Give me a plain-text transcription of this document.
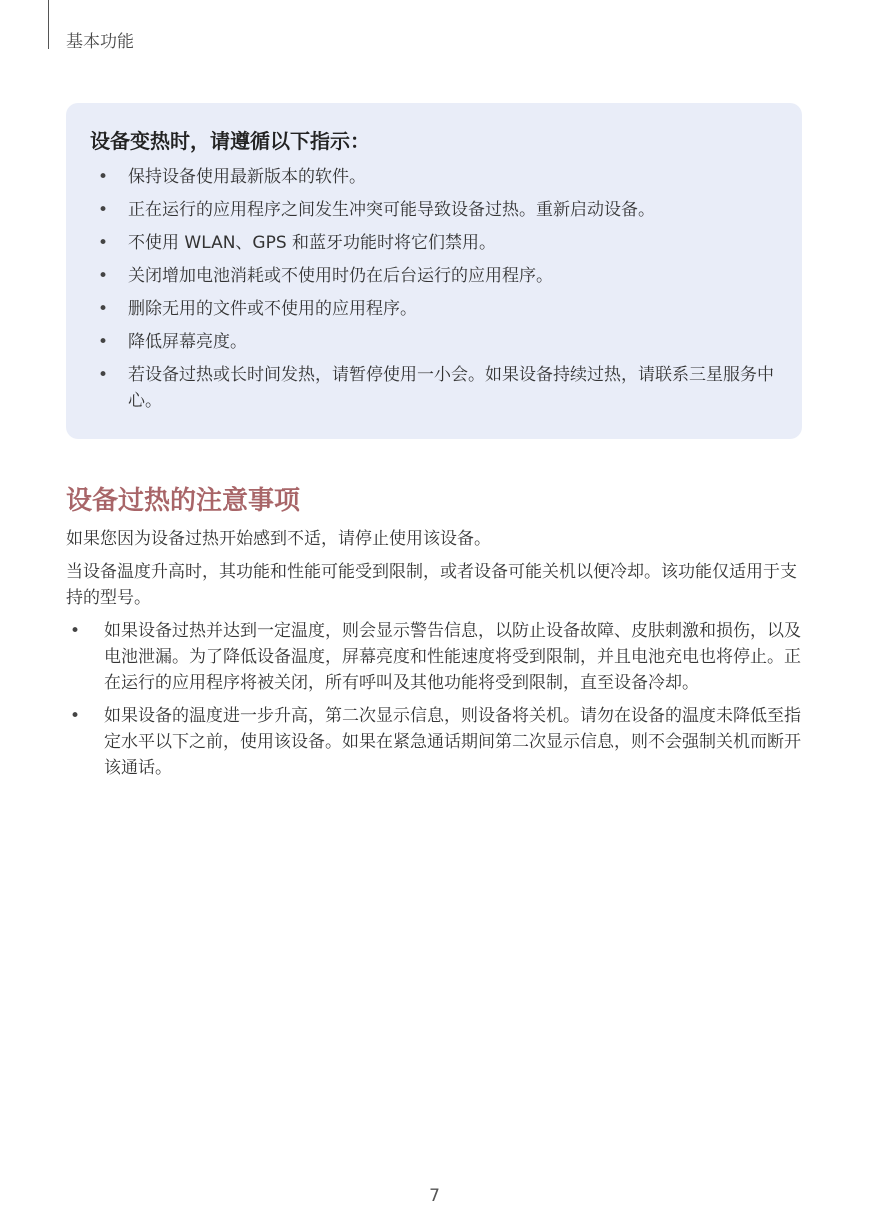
基本功能
设备变热时，请遵循以下指示：
• 保持设备使用最新版本的软件。
• 正在运行的应用程序之间发生冲突可能导致设备过热。重新启动设备。
• 不使用 WLAN、GPS 和蓝牙功能时将它们禁用。
• 关闭增加电池消耗或不使用时仍在后台运行的应用程序。
• 删除无用的文件或不使用的应用程序。
• 降低屏幕亮度。
• 若设备过热或长时间发热，请暂停使用一小会。如果设备持续过热，请联系三星服务中心。
设备过热的注意事项
如果您因为设备过热开始感到不适，请停止使用该设备。
当设备温度升高时，其功能和性能可能受到限制，或者设备可能关机以便冷却。该功能仅适用于支持的型号。
• 如果设备过热并达到一定温度，则会显示警告信息，以防止设备故障、皮肤刺激和损伤，以及电池泄漏。为了降低设备温度，屏幕亮度和性能速度将受到限制，并且电池充电也将停止。正在运行的应用程序将被关闭，所有呼叫及其他功能将受到限制，直至设备冷却。
• 如果设备的温度进一步升高，第二次显示信息，则设备将关机。请勿在设备的温度未降低至指定水平以下之前，使用该设备。如果在紧急通话期间第二次显示信息，则不会强制关机而断开该通话。
7
